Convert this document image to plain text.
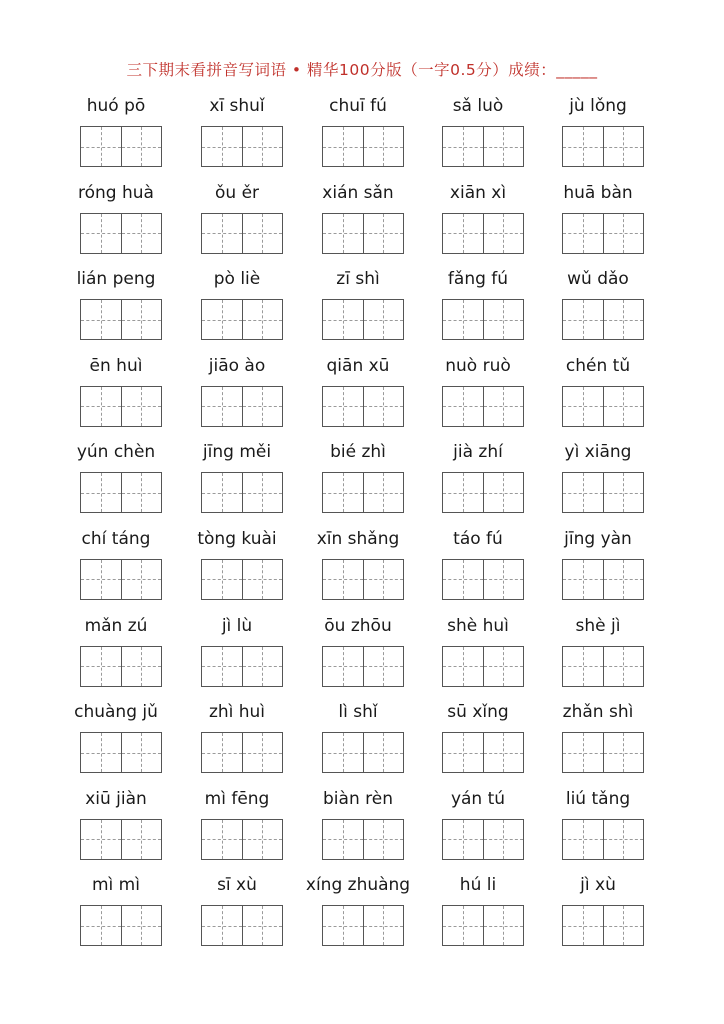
三下期末看拼音写词语 • 精华100分版（一字0.5分）成绩：_____
huó pō	xī shuǐ	chuī fú	sǎ luò	jù lǒng
róng huà	ǒu ěr	xián sǎn	xiān xì	huā bàn
lián peng	pò liè	zī shì	fǎng fú	wǔ dǎo
ēn huì	jiāo ào	qiān xū	nuò ruò	chén tǔ
yún chèn	jīng měi	bié zhì	jià zhí	yì xiāng
chí táng	tòng kuài	xīn shǎng	táo fú	jīng yàn
mǎn zú	jì lù	ōu zhōu	shè huì	shè jì
chuàng jǔ	zhì huì	lì shǐ	sū xǐng	zhǎn shì
xiū jiàn	mì fēng	biàn rèn	yán tú	liú tǎng
mì mì	sī xù	xíng zhuàng	hú li	jì xù
